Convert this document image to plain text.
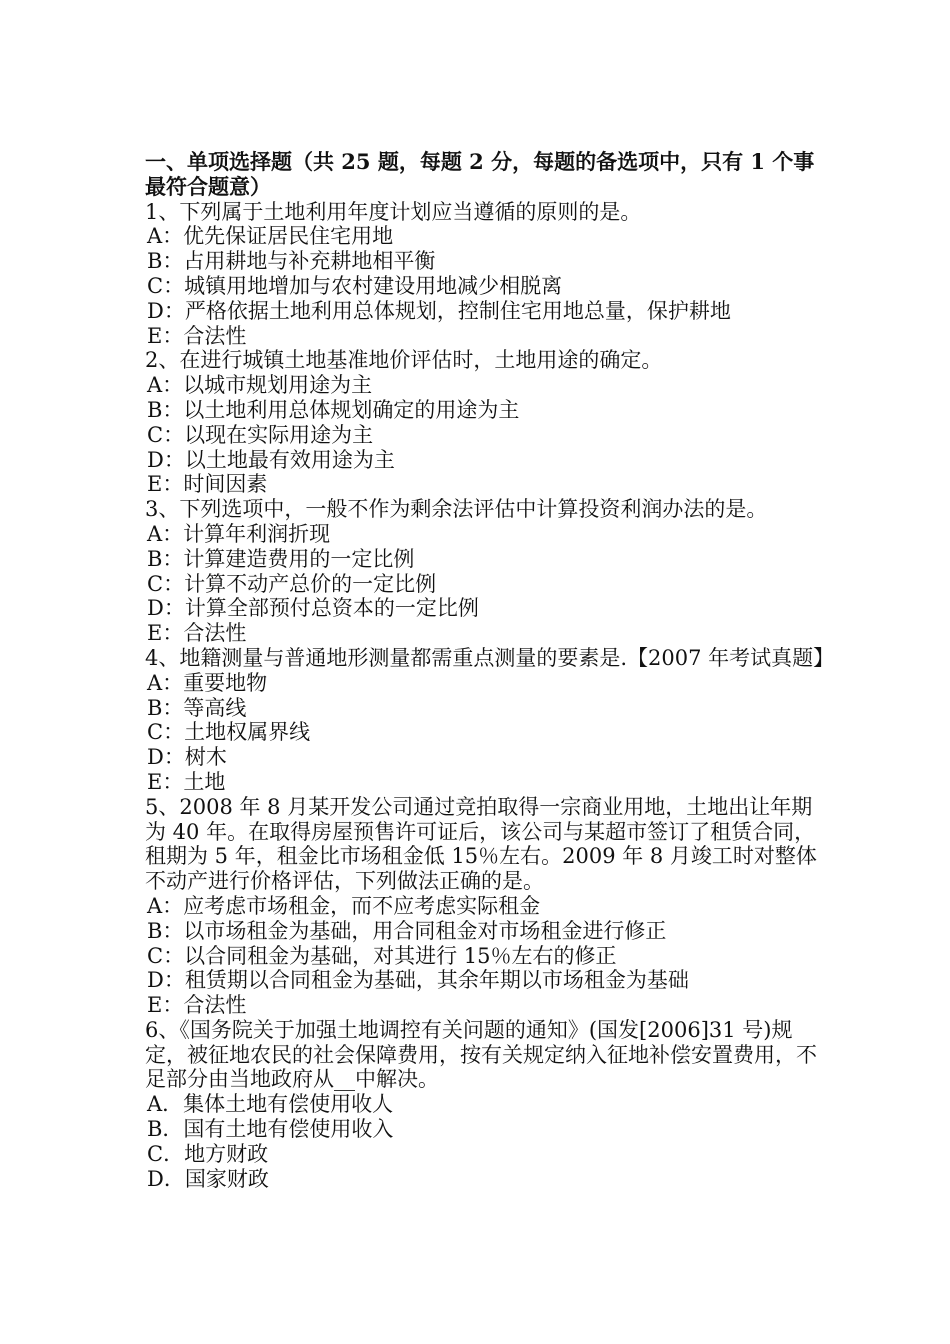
一、单项选择题（共 25 题，每题 2 分，每题的备选项中，只有 1 个事最符合题意）

1、下列属于土地利用年度计划应当遵循的原则的是。

A：优先保证居民住宅用地

B：占用耕地与补充耕地相平衡

C：城镇用地增加与农村建设用地减少相脱离

D：严格依据土地利用总体规划，控制住宅用地总量，保护耕地

E：合法性

2、在进行城镇土地基准地价评估时，土地用途的确定。

A：以城市规划用途为主

B：以土地利用总体规划确定的用途为主

C：以现在实际用途为主

D：以土地最有效用途为主

E：时间因素

3、下列选项中，一般不作为剩余法评估中计算投资利润办法的是。

A：计算年利润折现

B：计算建造费用的一定比例

C：计算不动产总价的一定比例

D：计算全部预付总资本的一定比例

E：合法性

4、地籍测量与普通地形测量都需重点测量的要素是.【2007 年考试真题】

A：重要地物

B：等高线

C：土地权属界线

D：树木

E：土地

5、2008 年 8 月某开发公司通过竞拍取得一宗商业用地，土地出让年期为 40 年。在取得房屋预售许可证后，该公司与某超市签订了租赁合同，租期为 5 年，租金比市场租金低 15％左右。2009 年 8 月竣工时对整体不动产进行价格评估，下列做法正确的是。

A：应考虑市场租金，而不应考虑实际租金

B：以市场租金为基础，用合同租金对市场租金进行修正

C：以合同租金为基础，对其进行 15％左右的修正

D：租赁期以合同租金为基础，其余年期以市场租金为基础

E：合法性

6、《国务院关于加强土地调控有关问题的通知》(国发[2006]31 号)规定，被征地农民的社会保障费用，按有关规定纳入征地补偿安置费用，不足部分由当地政府从__中解决。

A．集体土地有偿使用收人

B．国有土地有偿使用收入

C．地方财政

D．国家财政
